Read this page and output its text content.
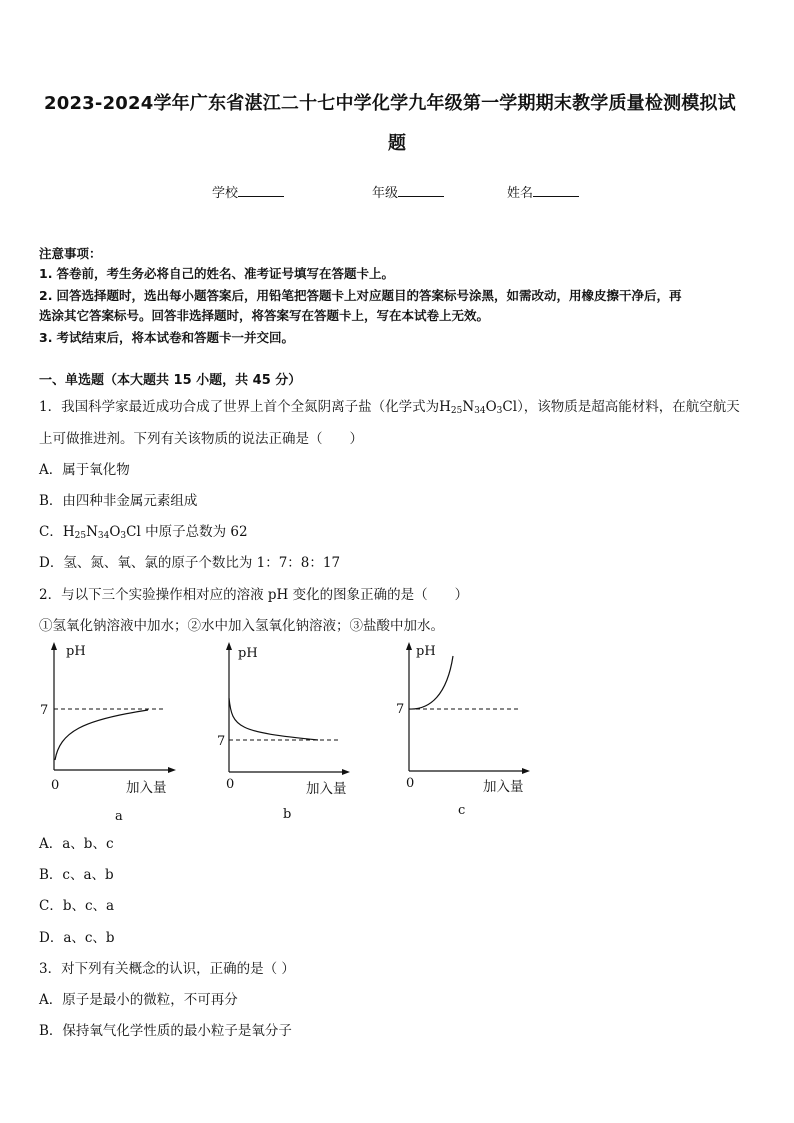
2023-2024学年广东省湛江二十七中学化学九年级第一学期期末教学质量检测模拟试
题
学校	年级	姓名
注意事项：
1. 答卷前，考生务必将自己的姓名、准考证号填写在答题卡上。
2. 回答选择题时，选出每小题答案后，用铅笔把答题卡上对应题目的答案标号涂黑，如需改动，用橡皮擦干净后，再
选涂其它答案标号。回答非选择题时，将答案写在答题卡上，写在本试卷上无效。
3. 考试结束后，将本试卷和答题卡一并交回。
一、单选题（本大题共 15 小题，共 45 分）
1．我国科学家最近成功合成了世界上首个全氮阴离子盐（化学式为$H_{25}N_{34}O_3Cl$），该物质是超高能材料，在航空航天
上可做推进剂。下列有关该物质的说法正确是（　　）
A．属于氧化物
B．由四种非金属元素组成
C．$H_{25}N_{34}O_3Cl$ 中原子总数为 62
D．氢、氮、氧、氯的原子个数比为 1：7：8：17
2．与以下三个实验操作相对应的溶液 pH 变化的图象正确的是（　　）
①氢氧化钠溶液中加水；②水中加入氢氧化钠溶液；③盐酸中加水。
pH
7
0	加入量
a
pH
7
0	加入量
b
pH
7
0	加入量
c
A．a、b、c
B．c、a、b
C．b、c、a
D．a、c、b
3．对下列有关概念的认识，正确的是（ ）
A．原子是最小的微粒，不可再分
B．保持氧气化学性质的最小粒子是氧分子
